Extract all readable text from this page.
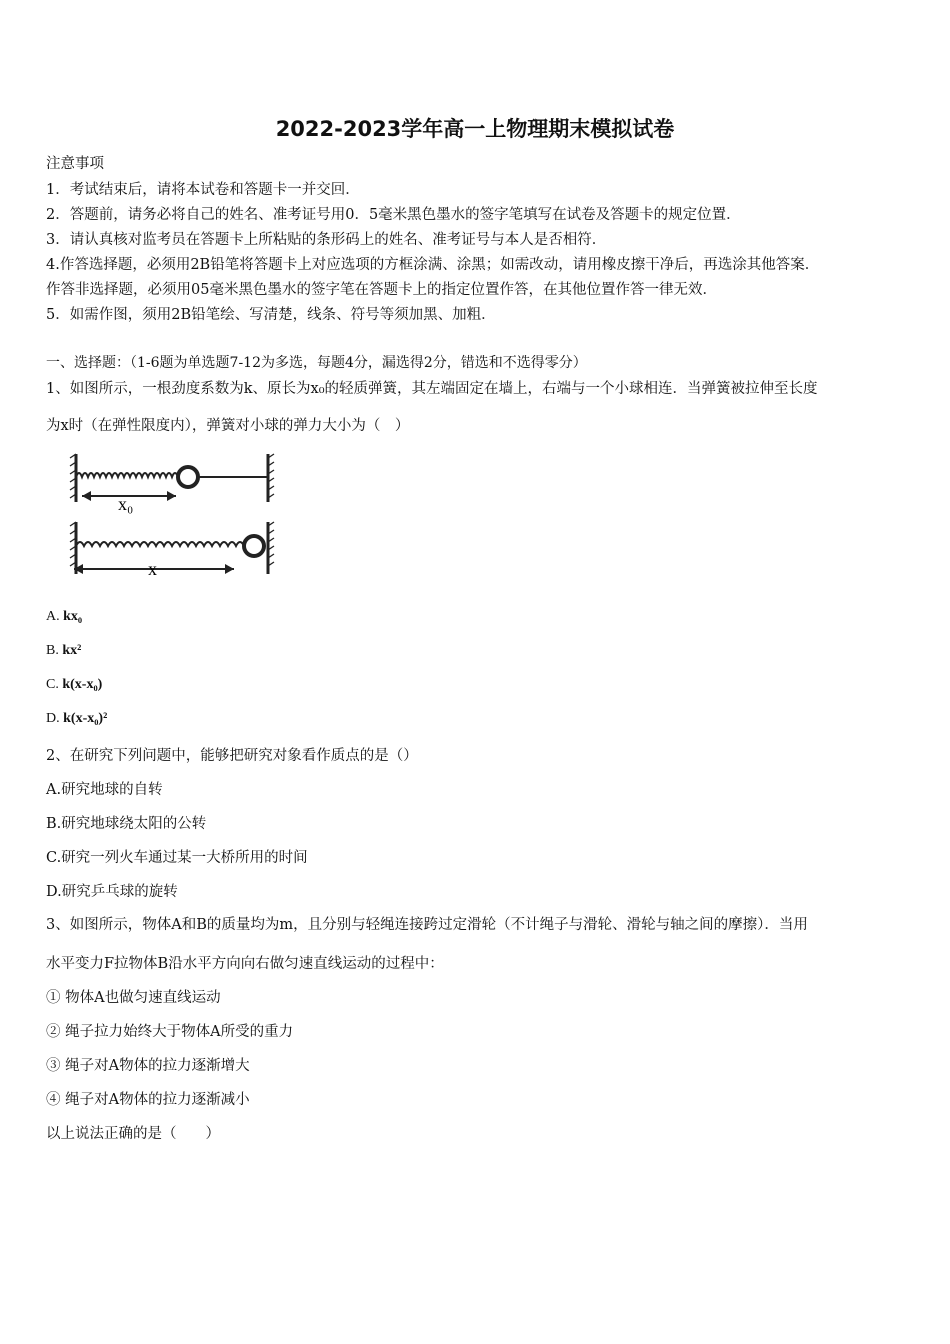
2022-2023学年高一上物理期末模拟试卷
注意事项
1．考试结束后，请将本试卷和答题卡一并交回．
2．答题前，请务必将自己的姓名、准考证号用0．5毫米黑色墨水的签字笔填写在试卷及答题卡的规定位置．
3．请认真核对监考员在答题卡上所粘贴的条形码上的姓名、准考证号与本人是否相符．
4.作答选择题，必须用2B铅笔将答题卡上对应选项的方框涂满、涂黑；如需改动，请用橡皮擦干净后，再选涂其他答案．
作答非选择题，必须用05毫米黑色墨水的签字笔在答题卡上的指定位置作答，在其他位置作答一律无效．
5．如需作图，须用2B铅笔绘、写清楚，线条、符号等须加黑、加粗．
一、选择题：（1-6题为单选题7-12为多选，每题4分，漏选得2分，错选和不选得零分）
1、如图所示，一根劲度系数为k、原长为x₀的轻质弹簧，其左端固定在墙上，右端与一个小球相连．当弹簧被拉伸至长度
为x时（在弹性限度内），弹簧对小球的弹力大小为（　）
x₀
x
A. kx₀
B. kx²
C. k(x-x₀)
D. k(x-x₀)²
2、在研究下列问题中，能够把研究对象看作质点的是（）
A.研究地球的自转
B.研究地球绕太阳的公转
C.研究一列火车通过某一大桥所用的时间
D.研究乒乓球的旋转
3、如图所示，物体A和B的质量均为m，且分别与轻绳连接跨过定滑轮（不计绳子与滑轮、滑轮与轴之间的摩擦）．当用
水平变力F拉物体B沿水平方向向右做匀速直线运动的过程中：
① 物体A也做匀速直线运动
② 绳子拉力始终大于物体A所受的重力
③ 绳子对A物体的拉力逐渐增大
④ 绳子对A物体的拉力逐渐减小
以上说法正确的是（　　）
